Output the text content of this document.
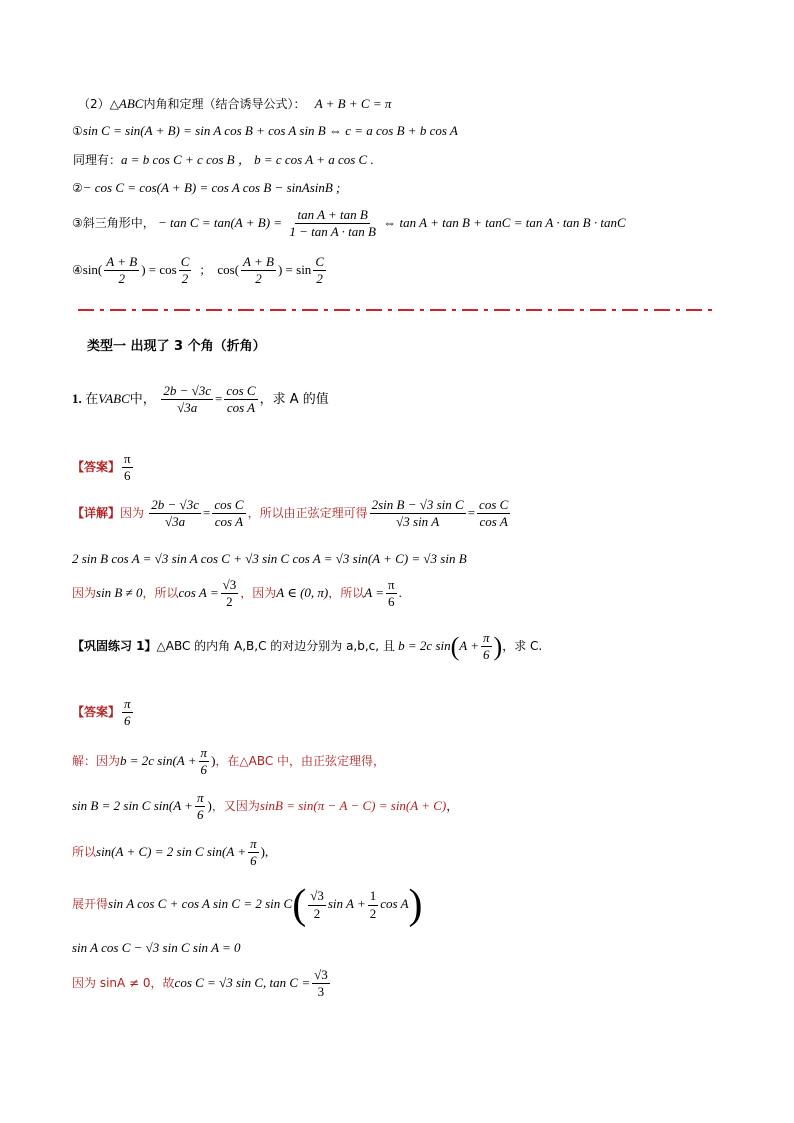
（2）△ABC内角和定理（结合诱导公式）： A + B + C = π
①sin C = sin(A + B) = sin A cos B + cos A sin B ⇔ c = a cos B + b cos A
同理有：a = b cos C + c cos B ， b = c cos A + a cos C .
②− cos C = cos(A + B) = cos A cos B − sinAsinB ;
③斜三角形中， − $\tan C = \tan(A + B) = \frac{\text{tan A + tan B}}{\text{1 − tan A · tan B}}$ ⇔ tan A + tan B + tanC = tan A · tan B · tanC
④sin( $\frac{A + B}{2}$ ) = $\cos \frac{C}{2}$ ； $\cos( \frac{A + B}{2}$ ) = $\sin \frac{C}{2}$
类型一 出现了 3 个角（折角）
1. 在VABC中， $\frac{2b - √3c}{√3a} = \frac{\text{cos C}}{\text{cos A}}$ ，求 A 的值
【答案】 $\frac{\pi}{6}$
【详解】因为 $\frac{2b - √3c}{√3a} = \frac{\text{cos C}}{\text{cos A}}$ ，所以由正弦定理可得 $\frac{\text{2sin B − √3 sin C}}{\text{√3 sin A}} = \frac{\text{cos C}}{\text{cos A}}$
2 sin B cos A = √3 sin A cos C + √3 sin C cos A = √3 sin(A + C) = √3 sin B
因为sin B ≠ 0，所以$\cos A = \frac{√3}{2}$ ，因为A ∈ (0, π)，所以$A = \frac{\pi}{6}$ .
【巩固练习 1】△ABC 的内角 A,B,C 的对边分别为 a,b,c, 且 b = 2c $\sin(A + \frac{\pi}{6}$ )，求 C.
【答案】 $\frac{\pi}{6}$
解：因为b = 2c $\sin(A + \frac{\pi}{6}$ )，在△ABC 中，由正弦定理得，
sin B = 2 sin C $\sin(A + \frac{\pi}{6}$ )，又因为sinB = sin(π − A − C) = sin(A + C)，
所以sin(A + C) = 2 sin C $\sin(A + \frac{\pi}{6}$ ),
展开得sin A cos C + cos A sin C = 2 $\sin C( \frac{√3}{2}$ $\sin A + \frac{1}{2}$ cos A)
sin A cos C − √3 sin C sin A = 0
因为 sinA ≠ 0，故cos C = √3 sin C, $\tan C = \frac{√3}{3}$
